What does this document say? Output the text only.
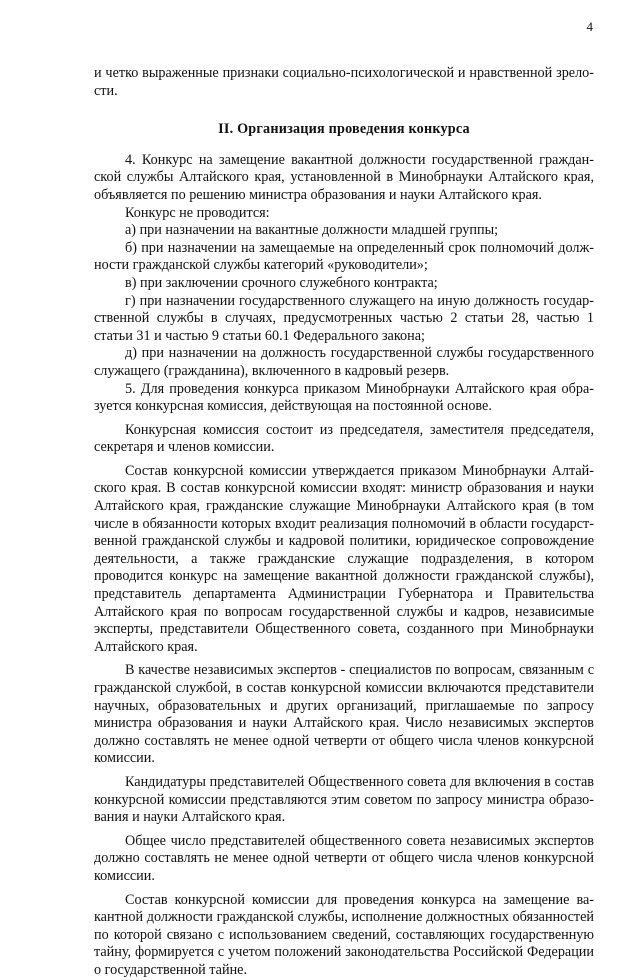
4

и четко выраженные признаки социально-психологической и нравственной зрелости.

II. Организация проведения конкурса

4. Конкурс на замещение вакантной должности государственной гражданской службы Алтайского края, установленной в Минобрнауки Алтайского края, объявляется по решению министра образования и науки Алтайского края.

Конкурс не проводится:

а) при назначении на вакантные должности младшей группы;

б) при назначении на замещаемые на определенный срок полномочий должности гражданской службы категорий «руководители»;

в) при заключении срочного служебного контракта;

г) при назначении государственного служащего на иную должность государственной службы в случаях, предусмотренных частью 2 статьи 28, частью 1 статьи 31 и частью 9 статьи 60.1 Федерального закона;

д) при назначении на должность государственной службы государственного служащего (гражданина), включенного в кадровый резерв.

5. Для проведения конкурса приказом Минобрнауки Алтайского края образуется конкурсная комиссия, действующая на постоянной основе.

Конкурсная комиссия состоит из председателя, заместителя председателя, секретаря и членов комиссии.

Состав конкурсной комиссии утверждается приказом Минобрнауки Алтайского края. В состав конкурсной комиссии входят: министр образования и науки Алтайского края, гражданские служащие Минобрнауки Алтайского края (в том числе в обязанности которых входит реализация полномочий в области государственной гражданской службы и кадровой политики, юридическое сопровождение деятельности, а также гражданские служащие подразделения, в котором проводится конкурс на замещение вакантной должности гражданской службы), представитель департамента Администрации Губернатора и Правительства Алтайского края по вопросам государственной службы и кадров, независимые эксперты, представители Общественного совета, созданного при Минобрнауки Алтайского края.

В качестве независимых экспертов - специалистов по вопросам, связанным с гражданской службой, в состав конкурсной комиссии включаются представители научных, образовательных и других организаций, приглашаемые по запросу министра образования и науки Алтайского края. Число независимых экспертов должно составлять не менее одной четверти от общего числа членов конкурсной комиссии.

Кандидатуры представителей Общественного совета для включения в состав конкурсной комиссии представляются этим советом по запросу министра образования и науки Алтайского края.

Общее число представителей общественного совета независимых экспертов должно составлять не менее одной четверти от общего числа членов конкурсной комиссии.

Состав конкурсной комиссии для проведения конкурса на замещение вакантной должности гражданской службы, исполнение должностных обязанностей по которой связано с использованием сведений, составляющих государственную тайну, формируется с учетом положений законодательства Российской Федерации о государственной тайне.
